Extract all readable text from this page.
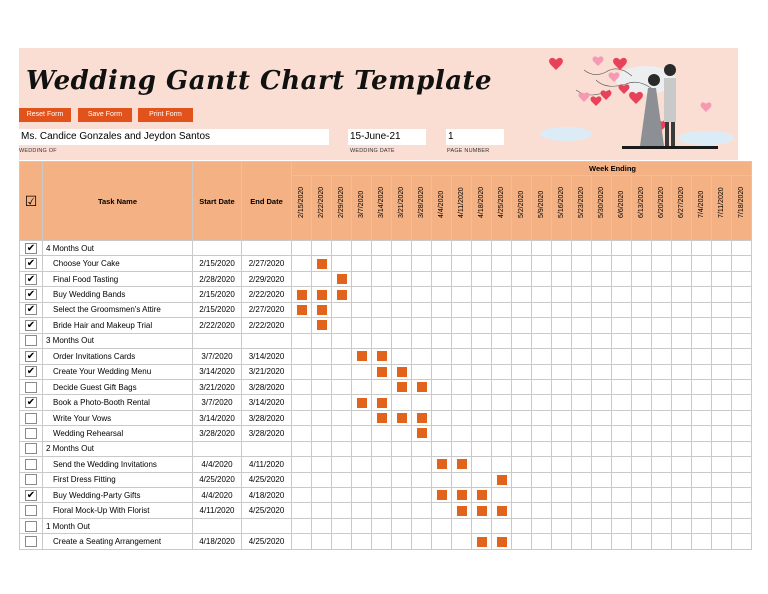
Wedding Gantt Chart Template
Reset Form	Save Form	Print Form
Ms. Candice Gonzales and Jeydon Santos
WEDDING OF
15-June-21
WEDDING DATE
1
PAGE NUMBER
☑	Task Name	Start Date	End Date	Week Ending																						

				2/15/2020	2/22/2020	2/29/2020	3/7/2020	3/14/2020	3/21/2020	3/28/2020	4/4/2020	4/11/2020	4/18/2020	4/25/2020	5/2/2020	5/9/2020	5/16/2020	5/23/2020	5/30/2020	6/6/2020	6/13/2020	6/20/2020	6/27/2020	7/4/2020	7/11/2020	7/18/2020

✔	4 Months Out																									
✔	Choose Your Cake	2/15/2020	2/27/2020																							
✔	Final Food Tasting	2/28/2020	2/29/2020																							
✔	Buy Wedding Bands	2/15/2020	2/22/2020																							
✔	Select the Groomsmen's Attire	2/15/2020	2/27/2020																							
✔	Bride Hair and Makeup Trial	2/22/2020	2/22/2020																							
	3 Months Out																									
✔	Order Invitations Cards	3/7/2020	3/14/2020																							
✔	Create Your Wedding Menu	3/14/2020	3/21/2020																							
	Decide Guest Gift Bags	3/21/2020	3/28/2020																							
✔	Book a Photo-Booth Rental	3/7/2020	3/14/2020																							
	Write Your Vows	3/14/2020	3/28/2020																							
	Wedding Rehearsal	3/28/2020	3/28/2020																							
	2 Months Out																									
	Send the Wedding Invitations	4/4/2020	4/11/2020																							
	First Dress Fitting	4/25/2020	4/25/2020																							
✔	Buy Wedding-Party Gifts	4/4/2020	4/18/2020																							
	Floral Mock-Up With Florist	4/11/2020	4/25/2020																							
	1 Month Out																									
	Create a Seating Arrangement	4/18/2020	4/25/2020																							
